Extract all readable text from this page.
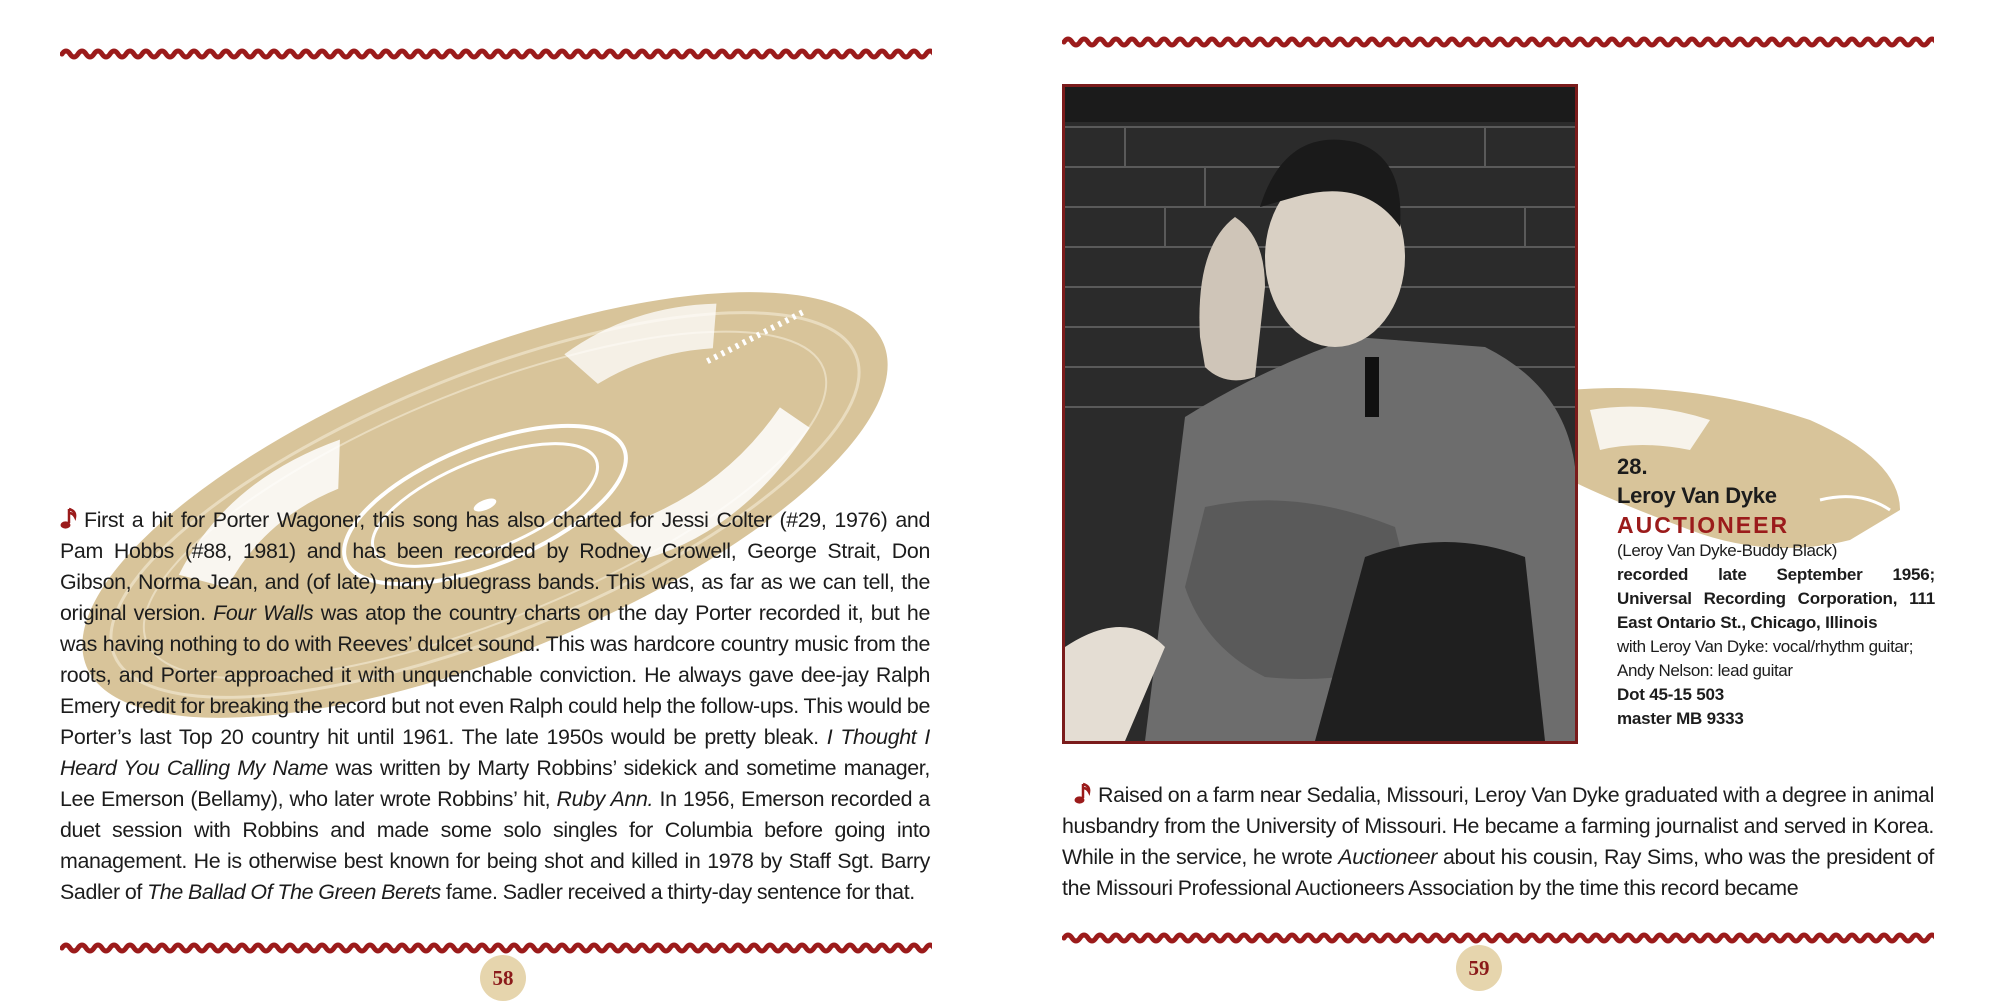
First a hit for Porter Wagoner, this song has also charted for Jessi Colter (#29, 1976) and Pam Hobbs (#88, 1981) and has been recorded by Rodney Crowell, George Strait, Don Gibson, Norma Jean, and (of late) many bluegrass bands. This was, as far as we can tell, the original version. Four Walls was atop the country charts on the day Porter recorded it, but he was having nothing to do with Reeves’ dulcet sound. This was hardcore country music from the roots, and Porter approached it with unquenchable conviction. He always gave dee-jay Ralph Emery credit for breaking the record but not even Ralph could help the follow-ups. This would be Porter’s last Top 20 country hit until 1961. The late 1950s would be pretty bleak. I Thought I Heard You Calling My Name was written by Marty Robbins’ sidekick and sometime manager, Lee Emerson (Bellamy), who later wrote Robbins’ hit, Ruby Ann. In 1956, Emerson recorded a duet session with Robbins and made some solo singles for Columbia before going into management. He is otherwise best known for being shot and killed in 1978 by Staff Sgt. Barry Sadler of The Ballad Of The Green Berets fame. Sadler received a thirty-day sentence for that.
58
28.
Leroy Van Dyke
AUCTIONEER
(Leroy Van Dyke-Buddy Black)
recorded late September 1956; Universal Recording Corporation, 111 East Ontario St., Chicago, Illinois
with Leroy Van Dyke: vocal/rhythm guitar; Andy Nelson: lead guitar
Dot 45-15 503
master MB 9333
Raised on a farm near Sedalia, Missouri, Leroy Van Dyke graduated with a degree in animal husbandry from the University of Missouri. He became a farming journalist and served in Korea. While in the service, he wrote Auctioneer about his cousin, Ray Sims, who was the president of the Missouri Professional Auctioneers Association by the time this record became
59
